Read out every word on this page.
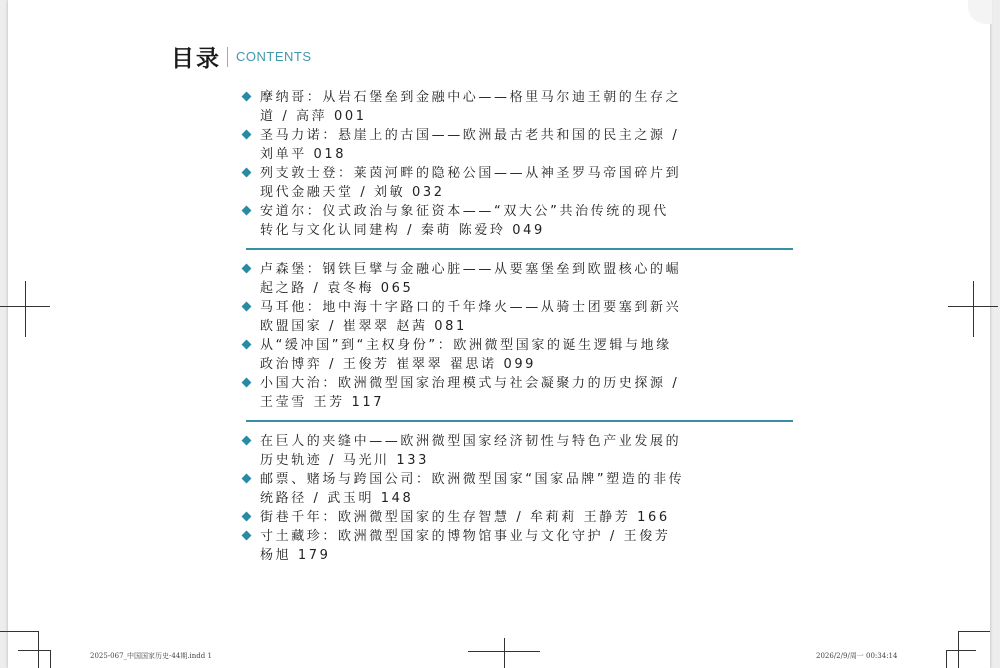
目录 CONTENTS
摩纳哥：从岩石堡垒到金融中心——格里马尔迪王朝的生存之
道 / 高萍 001
圣马力诺：悬崖上的古国——欧洲最古老共和国的民主之源 /
刘单平 018
列支敦士登：莱茵河畔的隐秘公国——从神圣罗马帝国碎片到
现代金融天堂 / 刘敏 032
安道尔：仪式政治与象征资本——“双大公”共治传统的现代
转化与文化认同建构 / 秦萌 陈爱玲 049
卢森堡：钢铁巨擘与金融心脏——从要塞堡垒到欧盟核心的崛
起之路 / 袁冬梅 065
马耳他：地中海十字路口的千年烽火——从骑士团要塞到新兴
欧盟国家 / 崔翠翠 赵茜 081
从“缓冲国”到“主权身份”：欧洲微型国家的诞生逻辑与地缘
政治博弈 / 王俊芳 崔翠翠 翟思诺 099
小国大治：欧洲微型国家治理模式与社会凝聚力的历史探源 /
王莹雪 王芳 117
在巨人的夹缝中——欧洲微型国家经济韧性与特色产业发展的
历史轨迹 / 马光川 133
邮票、赌场与跨国公司：欧洲微型国家“国家品牌”塑造的非传
统路径 / 武玉明 148
街巷千年：欧洲微型国家的生存智慧 / 牟莉莉 王静芳 166
寸土藏珍：欧洲微型国家的博物馆事业与文化守护 / 王俊芳
杨旭 179
2025-067_中国国家历史-44期.indd 1	2026/2/9/周一 00:34:14
